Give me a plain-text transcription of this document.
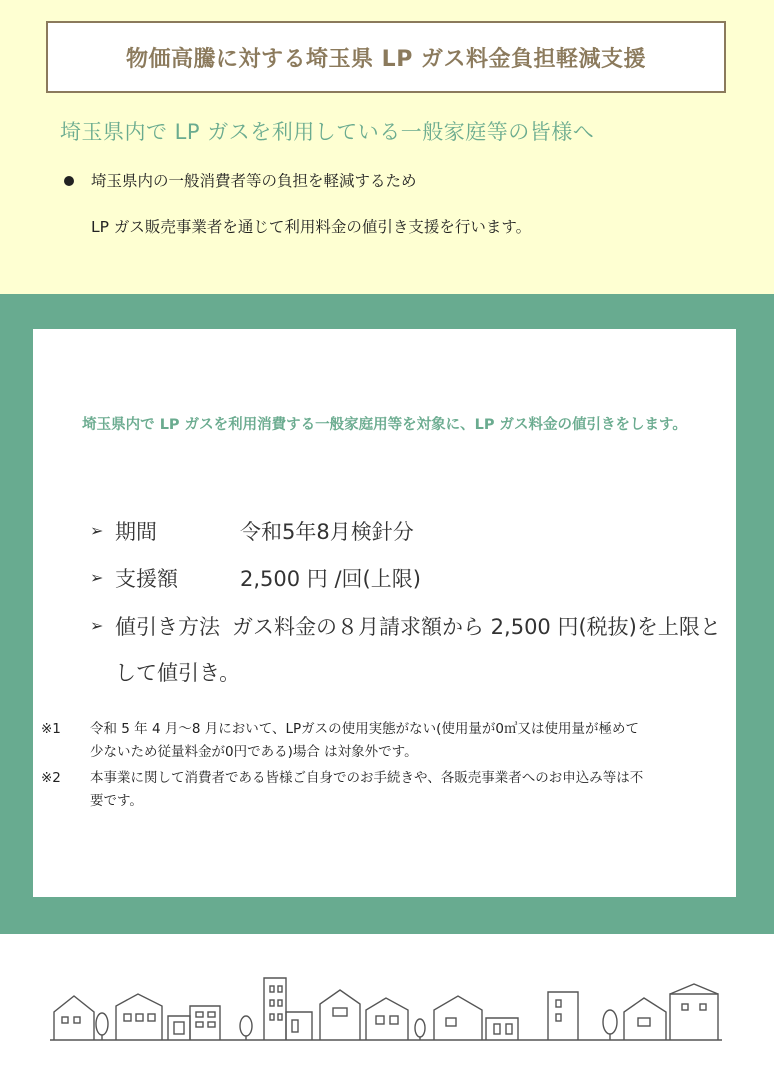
物価高騰に対する埼玉県 LP ガス料金負担軽減支援
埼玉県内で LP ガスを利用している一般家庭等の皆様へ
埼玉県内の一般消費者等の負担を軽減するため
LP ガス販売事業者を通じて利用料金の値引き支援を行います。
埼玉県内で LP ガスを利用消費する一般家庭用等を対象に、LP ガス料金の値引きをします。
➢ 期間	令和5年8月検針分
➢ 支援額	2,500 円 /回(上限)
➢ 値引き方法 ガス料金の８月請求額から 2,500 円(税抜)を上限と
して値引き。
※1 令和 5 年 4 月～8 月において、LPガスの使用実態がない(使用量が0㎥又は使用量が極めて
少ないため従量料金が0円である)場合 は対象外です。
※2 本事業に関して消費者である皆様ご自身でのお手続きや、各販売事業者へのお申込み等は不
要です。
